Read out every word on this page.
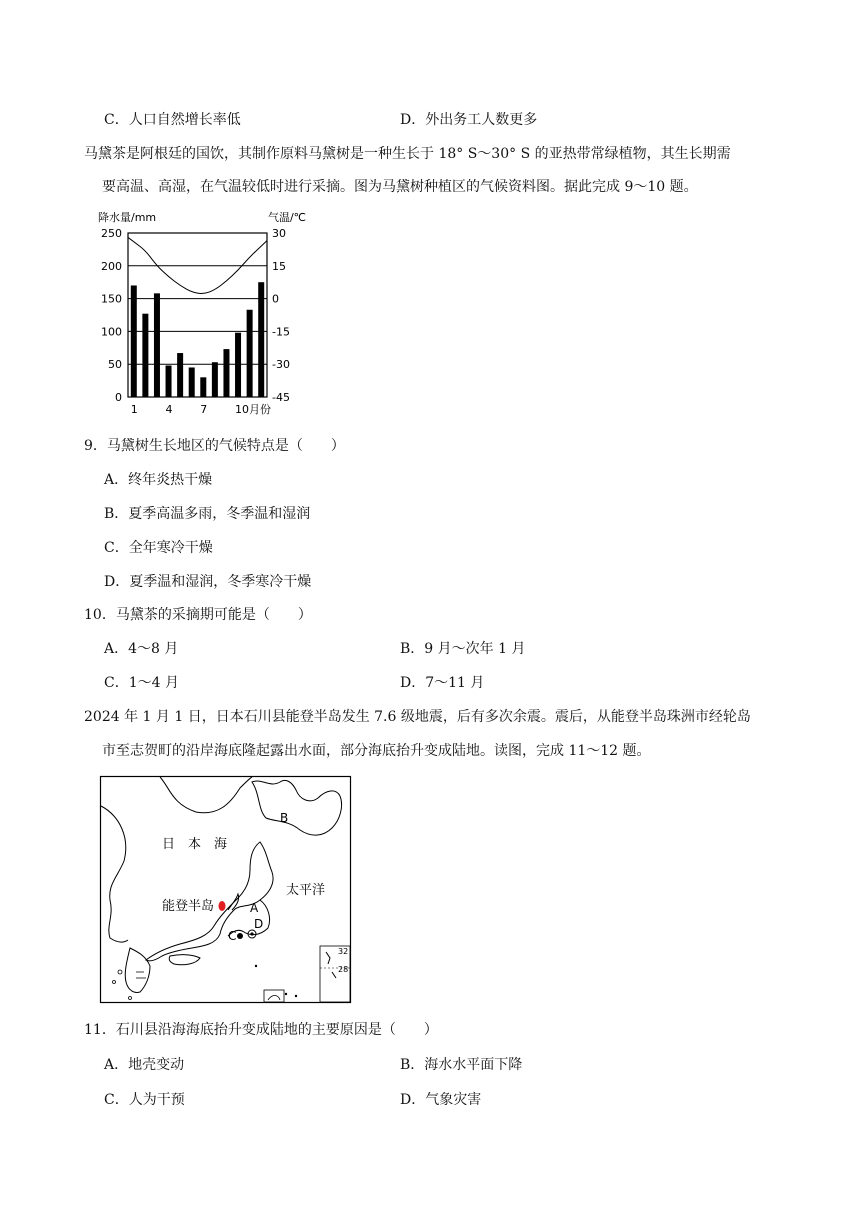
C．人口自然增长率低	D．外出务工人数更多
马黛茶是阿根廷的国饮，其制作原料马黛树是一种生长于 18° S～30° S 的亚热带常绿植物，其生长期需
要高温、高湿，在气温较低时进行采摘。图为马黛树种植区的气候资料图。据此完成 9～10 题。
250
200
150
100
50
0
30
15
0
-15
-30
-45
降水量/mm	气温/℃
1	4	7	10月份
9．马黛树生长地区的气候特点是（　　）
A．终年炎热干燥
B．夏季高温多雨，冬季温和湿润
C．全年寒冷干燥
D．夏季温和湿润，冬季寒冷干燥
10．马黛茶的采摘期可能是（　　）
A．4～8 月	B．9 月～次年 1 月
C．1～4 月	D．7～11 月
2024 年 1 月 1 日，日本石川县能登半岛发生 7.6 级地震，后有多次余震。震后，从能登半岛珠洲市经轮岛
市至志贺町的沿岸海底隆起露出水面，部分海底抬升变成陆地。读图，完成 11～12 题。
32
28
日　本　海
太平洋
能登半岛
B
A
C
D
11．石川县沿海海底抬升变成陆地的主要原因是（　　）
A．地壳变动	B．海水水平面下降
C．人为干预	D．气象灾害
